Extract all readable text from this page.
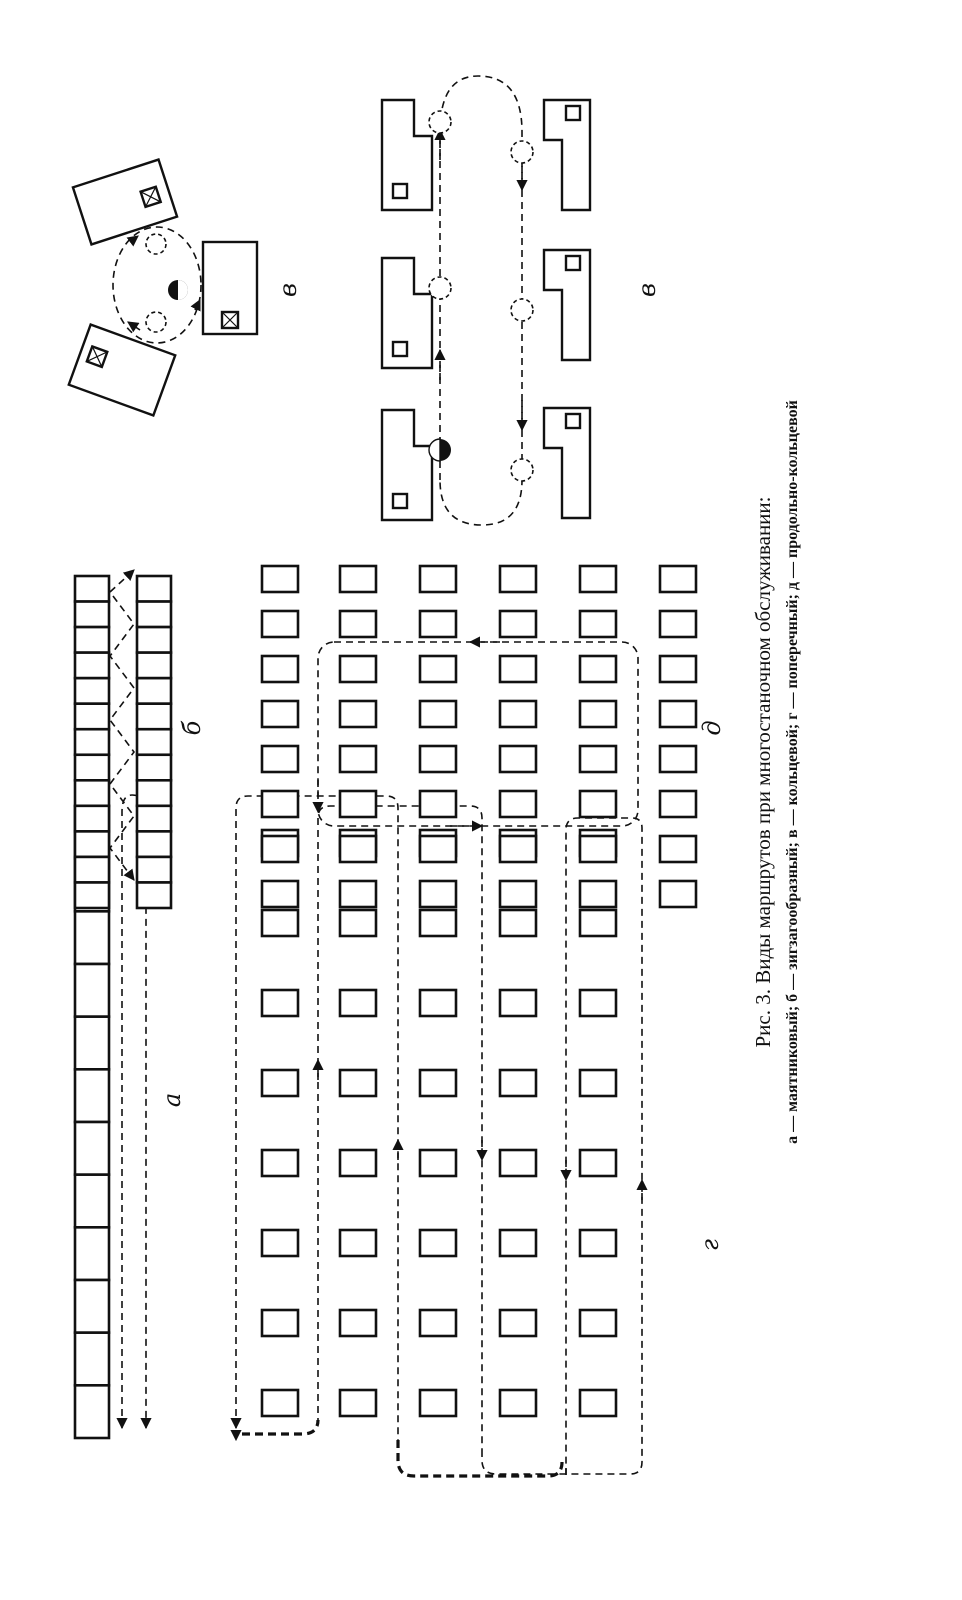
а
б
в
г
д
в
Рис. 3. Виды маршрутов при многостаночном обслуживании: а — маятниковый; б — зигзагообразный; в — кольцевой; г — поперечный; д — продольно-кольцевой
